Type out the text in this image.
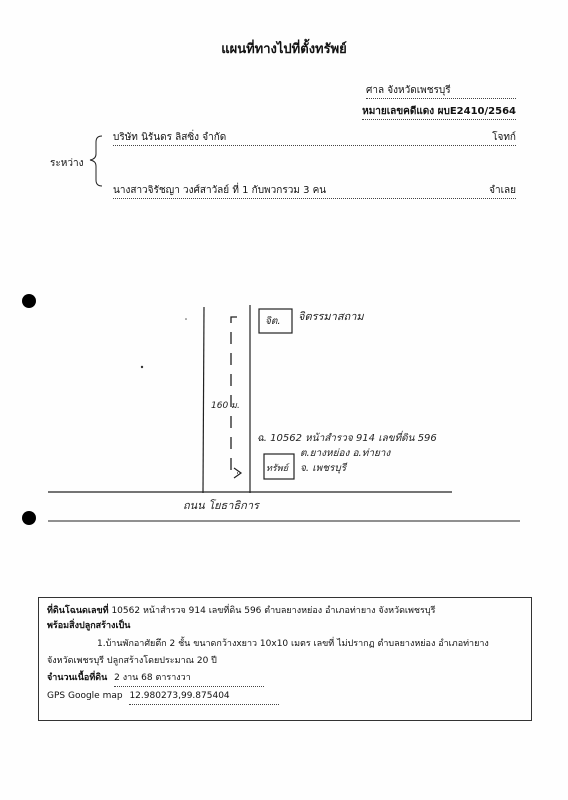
แผนที่ทางไปที่ตั้งทรัพย์
ศาล จังหวัดเพชรบุรี
หมายเลขคดีแดง ผบE2410/2564
ระหว่าง
บริษัท นิรันดร ลิสซิ่ง จำกัด	โจทก์
นางสาวจิรัชญา วงศ์สาวัลย์ ที่ 1 กับพวกรวม 3 คน	จำเลย
จิต. จิตรรมาสถาม
160 ม.
ฉ. 10562 หน้าสำรวจ 914 เลขที่ดิน 596
ต.ยางหย่อง อ.ท่ายาง
จ. เพชรบุรี
ทรัพย์
ถนน โยธาธิการ
ที่ดินโฉนดเลขที่ 10562 หน้าสำรวจ 914 เลขที่ดิน 596 ตำบลยางหย่อง อำเภอท่ายาง จังหวัดเพชรบุรี
พร้อมสิ่งปลูกสร้างเป็น
1.บ้านพักอาศัยตึก 2 ชั้น ขนาดกว้างxยาว 10x10 เมตร เลขที่ ไม่ปรากฏ ตำบลยางหย่อง อำเภอท่ายาง
จังหวัดเพชรบุรี ปลูกสร้างโดยประมาณ 20 ปี
จำนวนเนื้อที่ดิน 2 งาน 68 ตารางวา
GPS Google map 12.980273,99.875404
